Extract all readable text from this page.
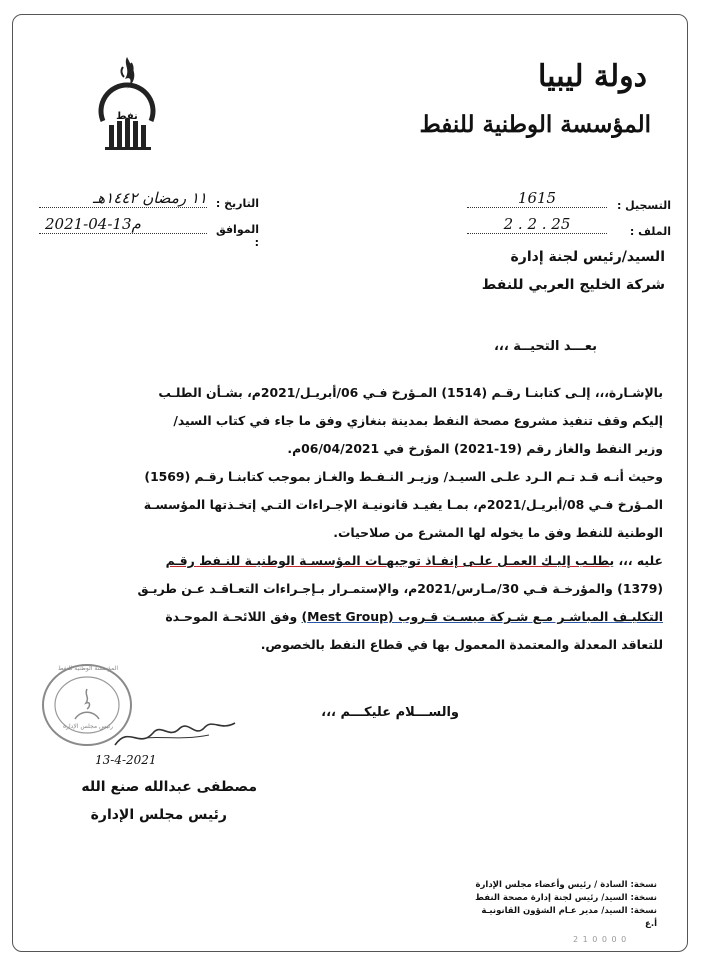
نفط
دولة ليبيا
المؤسسة الوطنية للنفط
التاريخ :
١١ رمضان ١٤٤٢هـ
الموافق :
2021-04-13م
التسجيل :
1615
الملف :
2 . 2 . 25
السيد/رئيس لجنة إدارة
شركة الخليج العربي للنفط
بعـــد التحيــة ،،،
بالإشـارة،،، إلـى كتابنـا رقـم (1514) المـؤرخ فـي 06/أبريـل/2021م، بشـأن الطلـب
إليكم وقف تنفيذ مشروع مصحة النفط بمدينة بنغازي وفق ما جاء في كتاب السيد/
وزير النفط والغاز رقم (19-2021) المؤرخ في 06/04/2021م.
وحيث أنـه قـد تـم الـرد علـى السيـد/ وزيـر النـفـط والغـاز بموجب كتابنـا رقـم (1569)
المـؤرخ فـي 08/أبريـل/2021م، بمـا يفيـد قانونيـة الإجـراءات التـي إتخـذتها المؤسسـة
الوطنية للنفط وفق ما يخوله لها المشرع من صلاحيات.
عليه ،،، يطلـب إليـك العمـل علـى إنفـاذ توجيهـات المؤسسـة الوطنيـة للنـفط رقـم
(1379) والمؤرخـة فـي 30/مـارس/2021م، والإستمـرار بـإجـراءات التعـاقـد عـن طريـق
التكليـف المباشـر مـع شـركة ميسـت قـروب (Mest Group) وفق اللائحـة الموحـدة
للتعاقد المعدلة والمعتمدة المعمول بها في قطاع النفط بالخصوص.
والســـلام عليكـــم ،،،
المؤسسة الوطنية للنفط
رئيس مجلس الإدارة
13-4-2021
مصطفى عبدالله صنع الله
رئيس مجلس الإدارة
نسخة: السادة / رئيس وأعضاء مجلس الإدارة
نسخة: السيد/ رئيس لجنة إدارة مصحة النفط
نسخة: السيد/ مدير عـام الشؤون القانونيـة
أ.ع
2 1 0 0 0 0
